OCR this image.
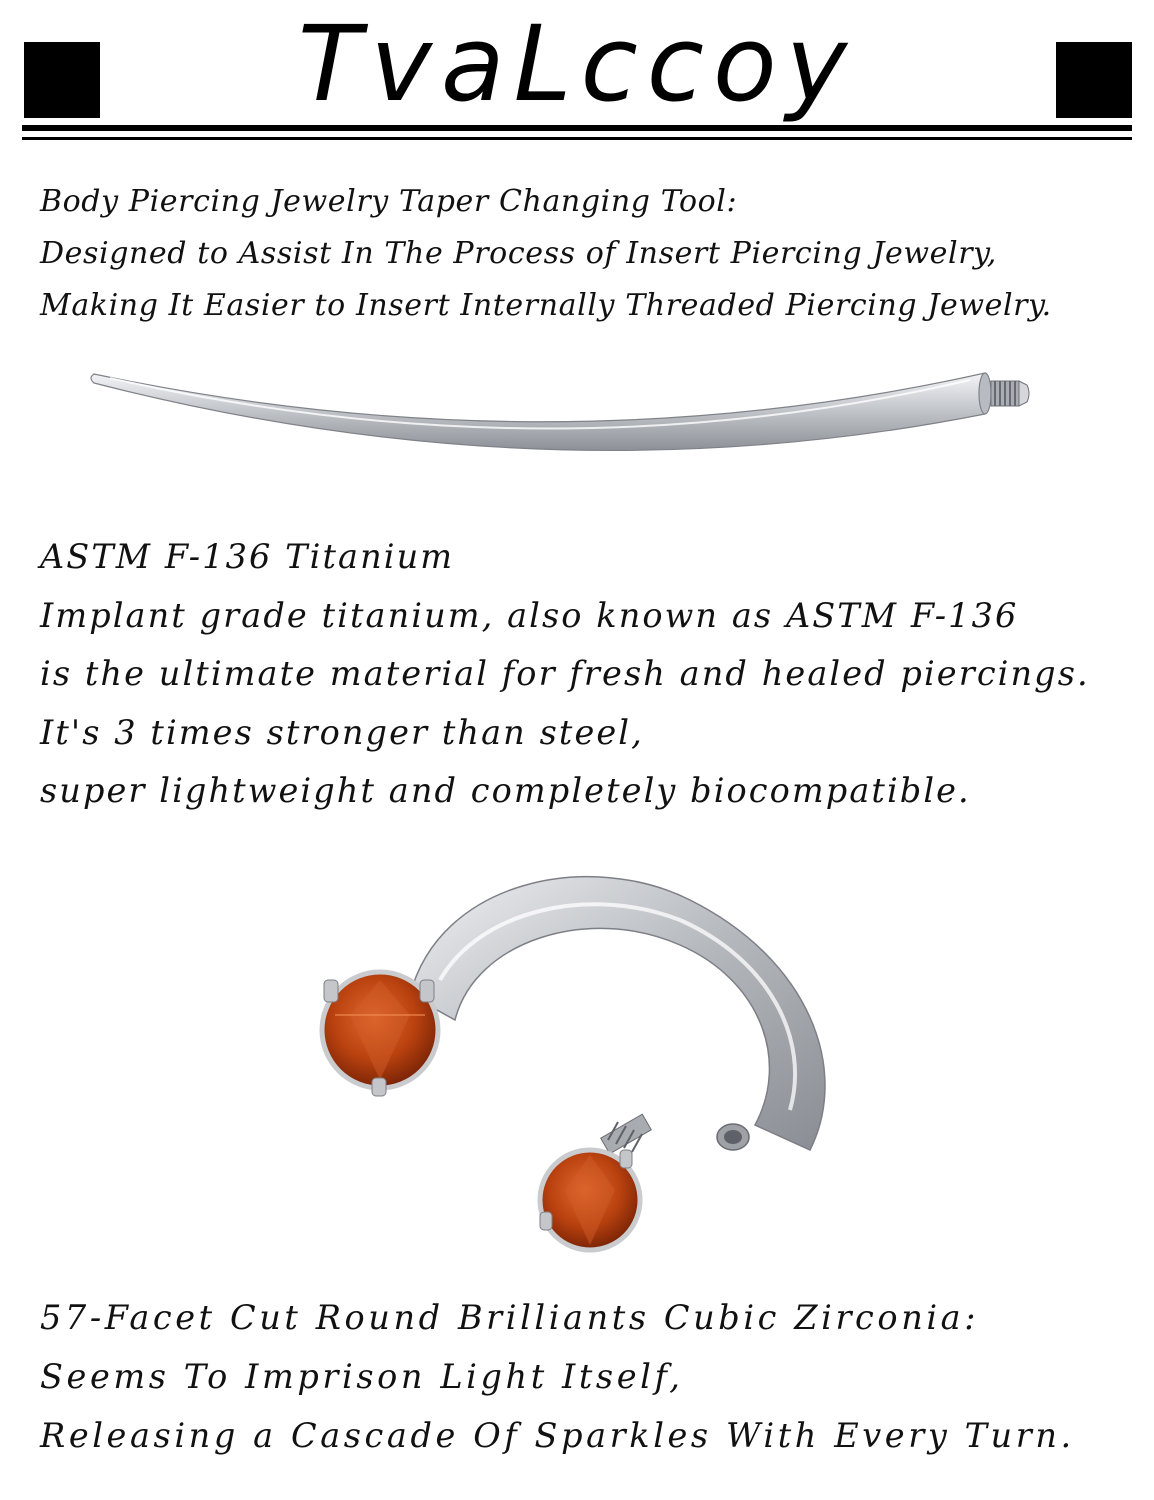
TvaLccoy
Body Piercing Jewelry Taper Changing Tool:
Designed to Assist In The Process of Insert Piercing Jewelry,
Making It Easier to Insert Internally Threaded Piercing Jewelry.
ASTM F-136 Titanium
Implant grade titanium, also known as ASTM F-136
is the ultimate material for fresh and healed piercings.
It's 3 times stronger than steel,
super lightweight and completely biocompatible.
57-Facet Cut Round Brilliants Cubic Zirconia:
Seems To Imprison Light Itself,
Releasing a Cascade Of Sparkles With Every Turn.
